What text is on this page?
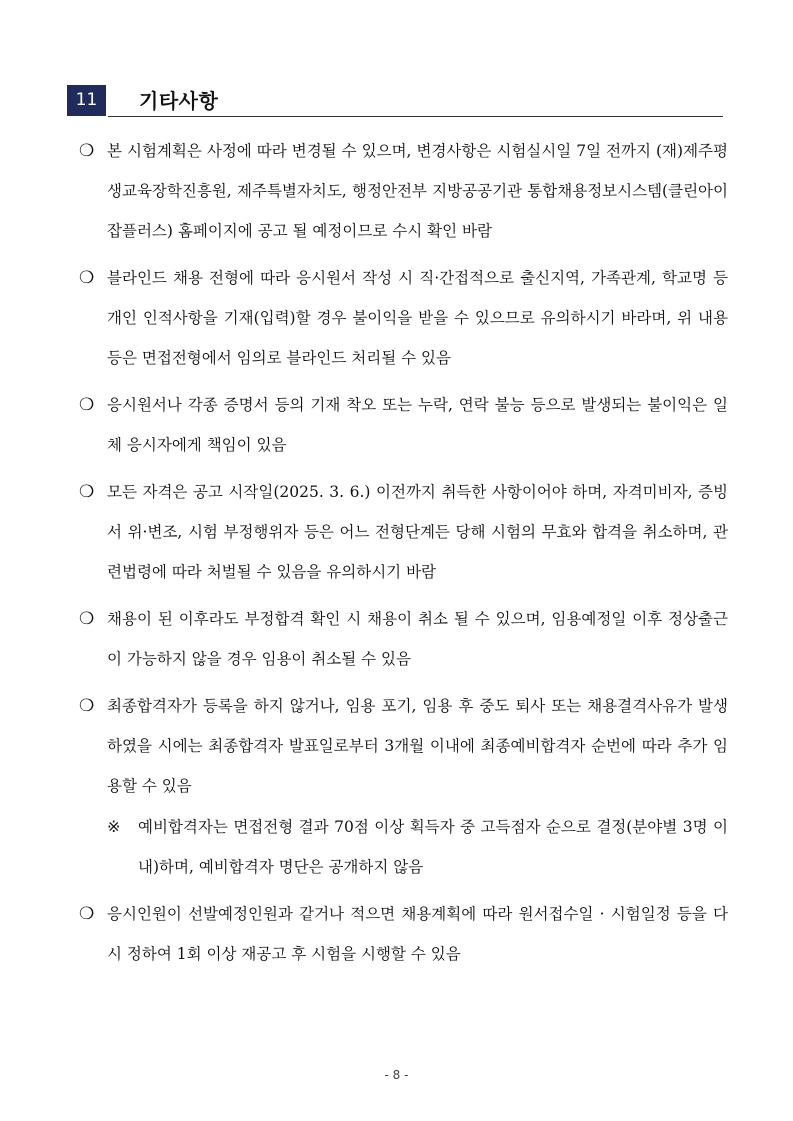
11	기타사항
❍ 본 시험계획은 사정에 따라 변경될 수 있으며, 변경사항은 시험실시일 7일 전까지 (재)제주평생교육장학진흥원, 제주특별자치도, 행정안전부 지방공공기관 통합채용정보시스템(클린아이 잡플러스) 홈페이지에 공고 될 예정이므로 수시 확인 바람
❍ 블라인드 채용 전형에 따라 응시원서 작성 시 직·간접적으로 출신지역, 가족관계, 학교명 등 개인 인적사항을 기재(입력)할 경우 불이익을 받을 수 있으므로 유의하시기 바라며, 위 내용 등은 면접전형에서 임의로 블라인드 처리될 수 있음
❍ 응시원서나 각종 증명서 등의 기재 착오 또는 누락, 연락 불능 등으로 발생되는 불이익은 일체 응시자에게 책임이 있음
❍ 모든 자격은 공고 시작일(2025. 3. 6.) 이전까지 취득한 사항이어야 하며, 자격미비자, 증빙서 위·변조, 시험 부정행위자 등은 어느 전형단계든 당해 시험의 무효와 합격을 취소하며, 관련법령에 따라 처벌될 수 있음을 유의하시기 바람
❍ 채용이 된 이후라도 부정합격 확인 시 채용이 취소 될 수 있으며, 임용예정일 이후 정상출근이 가능하지 않을 경우 임용이 취소될 수 있음
❍ 최종합격자가 등록을 하지 않거나, 임용 포기, 임용 후 중도 퇴사 또는 채용결격사유가 발생하였을 시에는 최종합격자 발표일로부터 3개월 이내에 최종예비합격자 순번에 따라 추가 임용할 수 있음
※ 예비합격자는 면접전형 결과 70점 이상 획득자 중 고득점자 순으로 결정(분야별 3명 이내)하며, 예비합격자 명단은 공개하지 않음
❍ 응시인원이 선발예정인원과 같거나 적으면 채용계획에 따라 원서접수일 · 시험일정 등을 다시 정하여 1회 이상 재공고 후 시험을 시행할 수 있음
- 8 -
